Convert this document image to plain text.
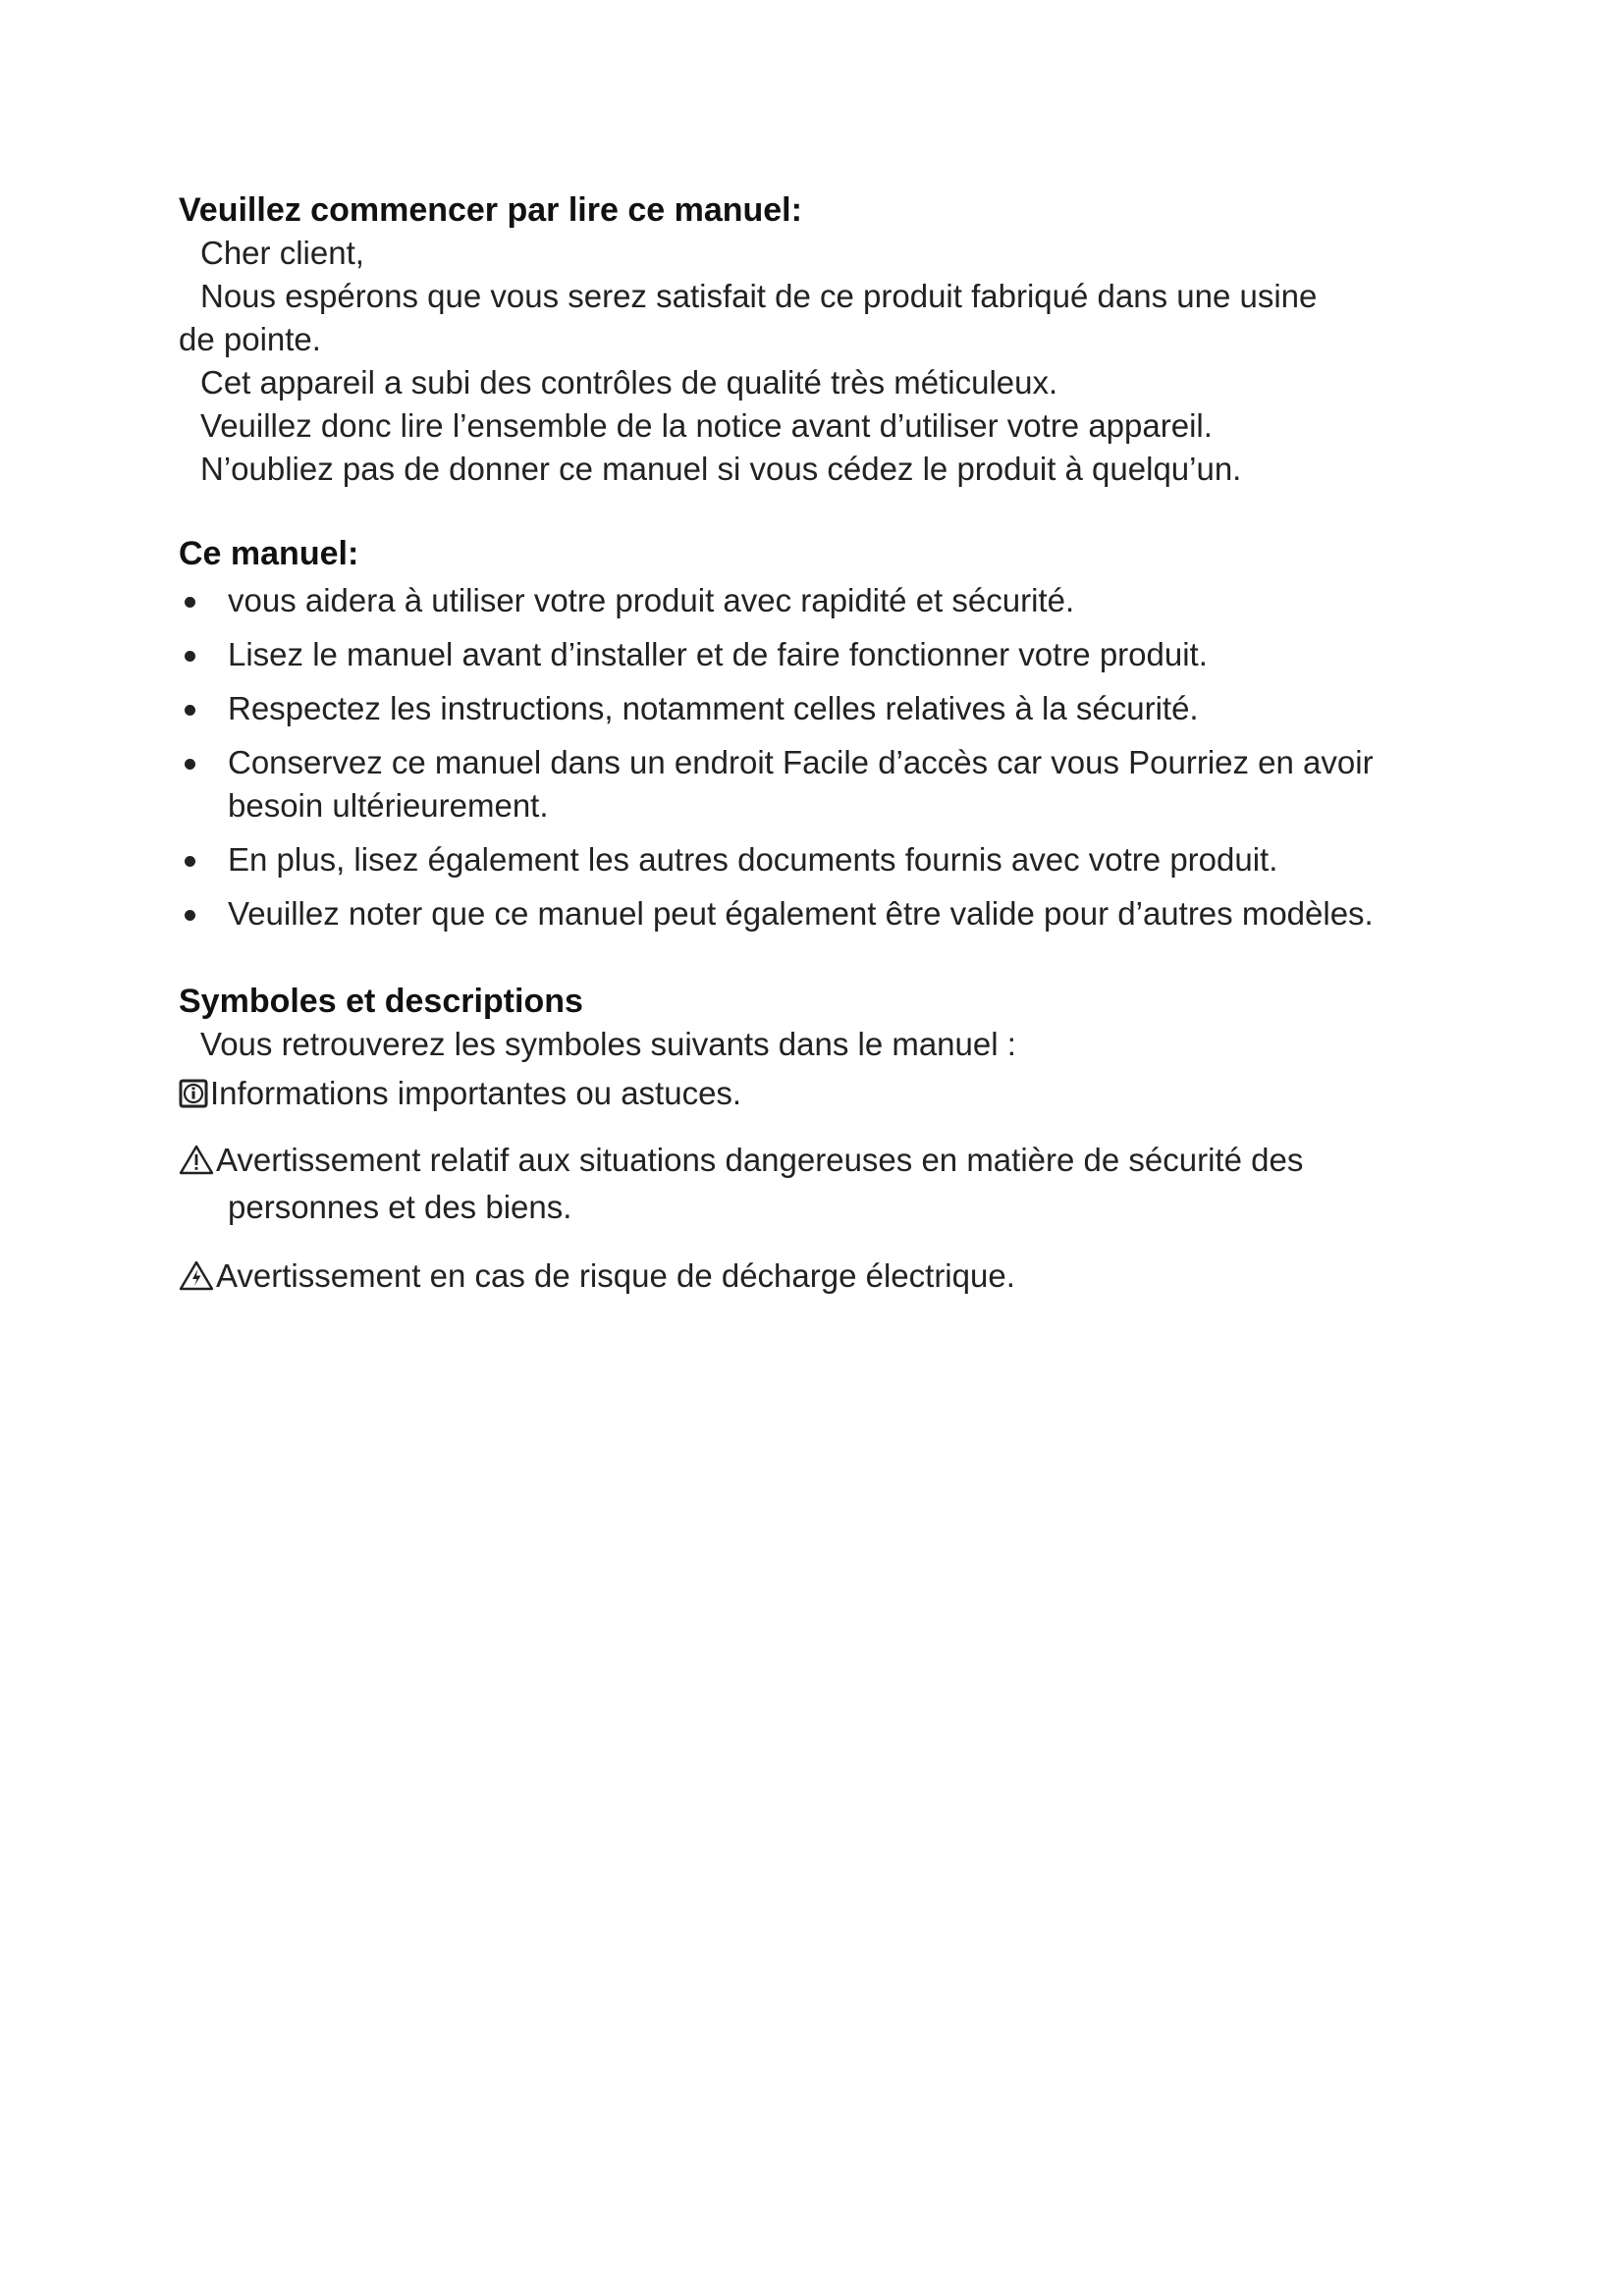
Veuillez commencer par lire ce manuel:

Cher client,

Nous espérons que vous serez satisfait de ce produit fabriqué dans une usine

de pointe.

Cet appareil a subi des contrôles de qualité très méticuleux.

Veuillez donc lire l’ensemble de la notice avant d’utiliser votre appareil.

N’oubliez pas de donner ce manuel si vous cédez le produit à quelqu’un.

Ce manuel:
vous aidera à utiliser votre produit avec rapidité et sécurité.
Lisez le manuel avant d’installer et de faire fonctionner votre produit.
Respectez les instructions, notamment celles relatives à la sécurité.
Conservez ce manuel dans un endroit Facile d’accès car vous Pourriez en avoir
besoin ultérieurement.
En plus, lisez également les autres documents fournis avec votre produit.
Veuillez noter que ce manuel peut également être valide pour d’autres modèles.
Symboles et descriptions

Vous retrouverez les symboles suivants dans le manuel :

Informations importantes ou astuces.
Avertissement relatif aux situations dangereuses en matière de sécurité des
personnes et des biens.
Avertissement en cas de risque de décharge électrique.
